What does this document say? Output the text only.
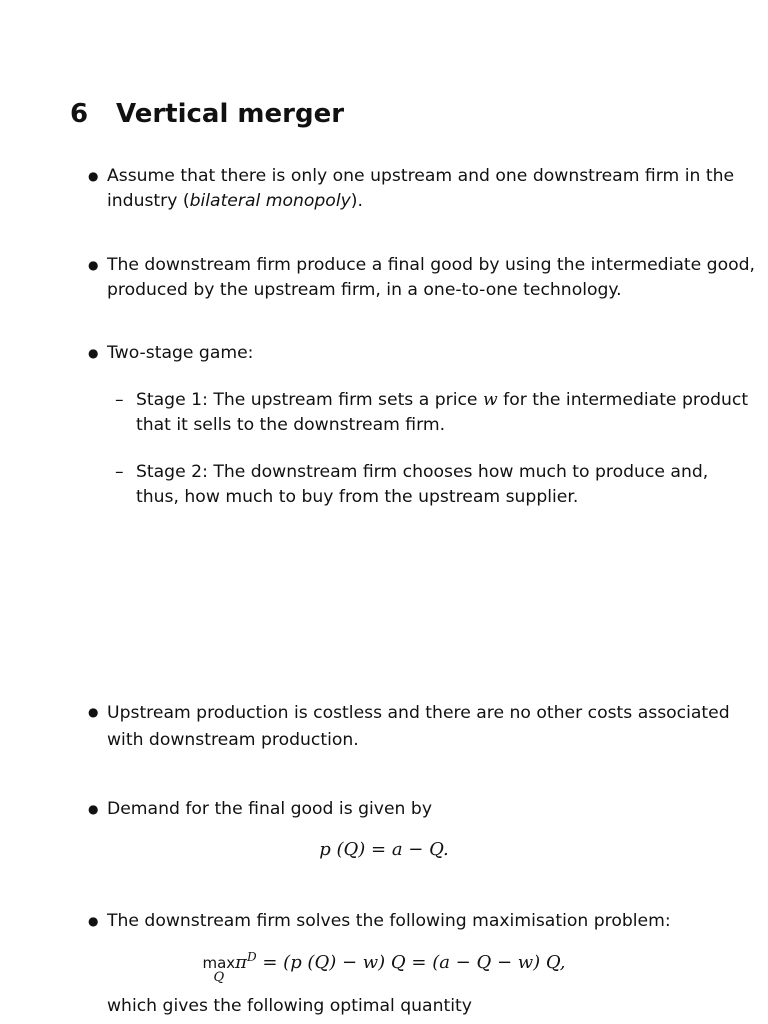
6 Vertical merger
● Assume that there is only one upstream and one downstream firm in the
industry (bilateral monopoly).
● The downstream firm produce a final good by using the intermediate good,
produced by the upstream firm, in a one-to-one technology.
● Two-stage game:
– Stage 1: The upstream firm sets a price w for the intermediate product
that it sells to the downstream firm.
– Stage 2: The downstream firm chooses how much to produce and,
thus, how much to buy from the upstream supplier.
● Upstream production is costless and there are no other costs associated
with downstream production.
● Demand for the final good is given by
p (Q) = a − Q.
● The downstream firm solves the following maximisation problem:
max
Q
$\pi^D = (p$ (Q) − w) Q = (a − Q − w) Q,
which gives the following optimal quantity
